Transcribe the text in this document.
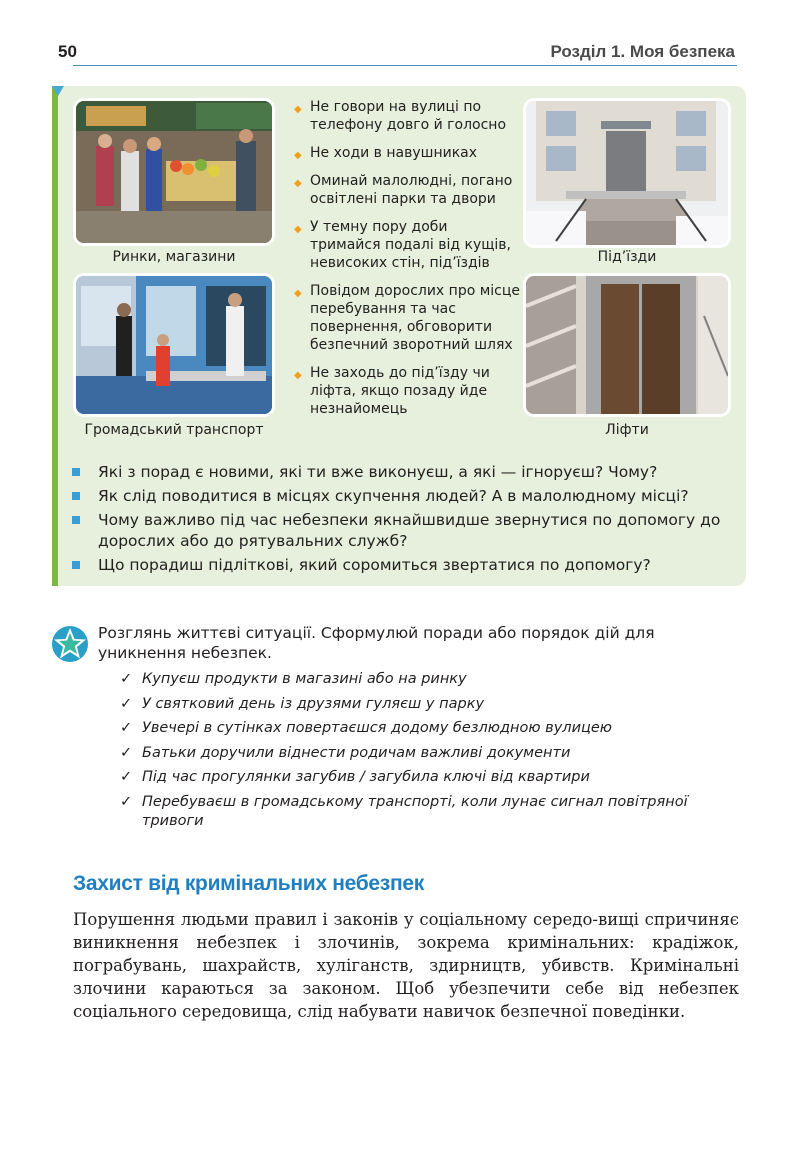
50	Розділ 1. Моя безпека
Ринки, магазини
Громадський транспорт
Під’їзди
Ліфти
◆ Не говори на вулиці по телефону довго й голосно
◆ Не ходи в навушниках
◆ Оминай малолюдні, погано освітлені парки та двори
◆ У темну пору доби тримайся подалі від кущів, невисоких стін, під’їздів
◆ Повідом дорослих про місце перебування та час повернення, обговорити безпечний зворотний шлях
◆ Не заходь до під’їзду чи ліфта, якщо позаду йде незнайомець
Які з порад є новими, які ти вже виконуєш, а які — ігноруєш? Чому?
Як слід поводитися в місцях скупчення людей? А в малолюдному місці?
Чому важливо під час небезпеки якнайшвидше звернутися по допомогу до дорослих або до рятувальних служб?
Що порадиш підліткові, який соромиться звертатися по допомогу?
Розглянь життєві ситуації. Сформулюй поради або порядок дій для уникнення небезпек.
✓ Купуєш продукти в магазині або на ринку
✓ У святковий день із друзями гуляєш у парку
✓ Увечері в сутінках повертаєшся додому безлюдною вулицею
✓ Батьки доручили віднести родичам важливі документи
✓ Під час прогулянки загубив / загубила ключі від квартири
✓ Перебуваєш в громадському транспорті, коли лунає сигнал повітряної тривоги
Захист від кримінальних небезпек
Порушення людьми правил і законів у соціальному середо-вищі спричиняє виникнення небезпек і злочинів, зокрема кримінальних: крадіжок, пограбувань, шахрайств, хуліганств, здирництв, убивств. Кримінальні злочини караються за законом. Щоб убезпечити себе від небезпек соціального середовища, слід набувати навичок безпечної поведінки.
